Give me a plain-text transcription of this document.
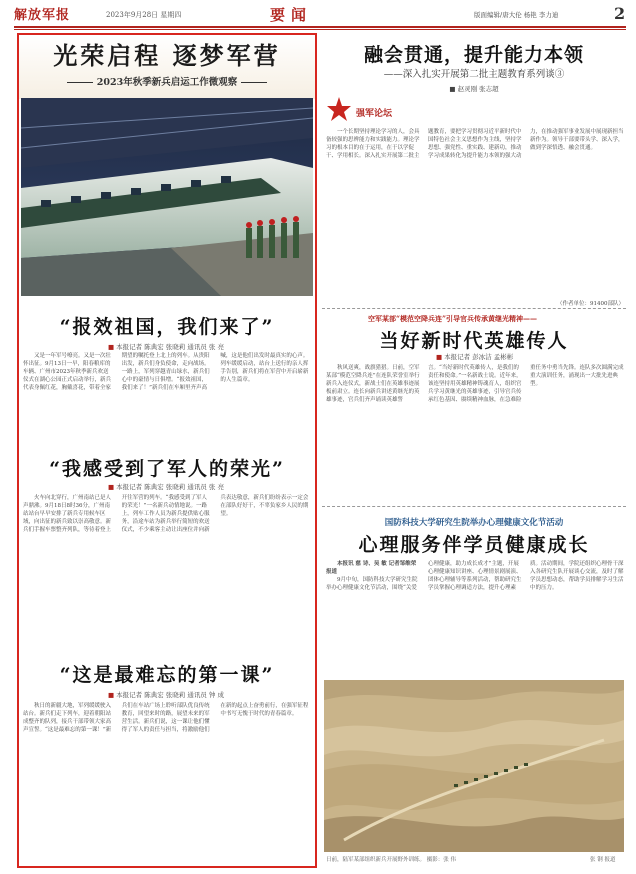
解放军报	2023年9月28日 星期四	要闻	版面编辑/唐大伦 杨艳 李力迪	2
光荣启程 逐梦军营
2023年秋季新兵启运工作微观察
“报效祖国，我们来了”
■ 本报记者 陈典宏 张晓莉 通讯员 张 亮

又是一年军号嘹亮。又是一次壮怀出征。9月13日一早，阳春粮库的车辆、广州市2023年秋季新兵欢送仪式在湖心公园正式启动举行，新兵代表身佩红花，胸戴喜花，带着全家期望的嘱托登上北上的列车。从贵阳出发，新兵们身负使命，走向战场。一路上，军列穿越青山绿水，新兵们心中的豪情与日俱增。“报效祖国，我们来了！”新兵们在车厢里齐声高喊，这是他们出发时最真实的心声。列车缓缓启动，站台上送行的亲人挥手告别，新兵们将在军营中开启崭新的人生篇章。

“我感受到了军人的荣光”
■ 本报记者 陈典宏 张晓莉 通讯员 张 亮

火车向北穿行，广州南站已是人声鼎沸。9月18日8时36分，广州南站站台早早安排了新兵专用候车区域，向出征的新兵致以崇高敬意。新兵们手握车票整齐列队，等待着登上开往军营的列车。“我感受到了军人的荣光！”一名新兵动情地说。一路上，列车工作人员为新兵提供贴心服务，沿途车站为新兵举行简短的欢送仪式，不少乘客主动让出座位并向新兵表达敬意，新兵们纷纷表示一定会在部队好好干，不辜负家乡人民的期望。

“这是最难忘的第一课”
■ 本报记者 陈典宏 张晓莉 通讯员 钟 成

秋日的新疆大地，军列缓缓驶入站台。新兵们走下列车，迎着朝阳站成整齐的队列，接兵干部带领大家高声宣誓。“这是最难忘的第一课！”新兵们在车站广场上聆听部队优良传统教育，回望来时的路，展望未来的军营生活。新兵们说，这一课让他们懂得了军人的责任与担当，将激励他们在新的起点上奋勇前行，在强军征程中书写无愧于时代的青春篇章。

融会贯通，提升能力本领
——深入扎实开展第二批主题教育系列谈③
■ 赵灵刚 张志超
强军论坛

一个长期坚持理论学习的人，会具备较强的思辨能力和实践能力。理论学习的根本目的在于运用，在于以学促干、学用相长。深入扎实开展第二批主题教育，要把学习贯彻习近平新时代中国特色社会主义思想作为主线，坚持学思想、强党性、重实践、建新功，推动学习成果转化为提升能力本领的强大动力，在推动强军事业发展中展现新担当新作为。领导干部要带头学、深入学，做到学深悟透、融会贯通。

（作者单位：91400部队）
空军某部“模范空降兵连”引导官兵传承黄继光精神——
当好新时代英雄传人
■ 本报记者 彭冰洁 孟彬彬

秋风送爽，战旗猎猎。日前，空军某部“模范空降兵连”在连队荣誉室举行新兵入连仪式，新战士们在英雄事迹展板前肃立。连长向新兵讲述黄继光的英雄事迹，官兵们齐声诵读英雄誓言。“当好新时代英雄传人，是我们的责任和使命。”一名新战士说。近年来，该连坚持用英雄精神铸魂育人，组织官兵学习黄继光的英雄事迹，引导官兵传承红色基因、赓续精神血脉，在急难险重任务中勇当先锋。连队多次圆满完成重大演训任务，涌现出一大批先进典型。

国防科技大学研究生院举办心理健康文化节活动
心理服务伴学员健康成长

本报讯 慈 诗、吴 敏 记者邹维荣报道

9月中旬，国防科技大学研究生院举办心理健康文化节活动，围绕“关爱心理健康，助力成长成才”主题，开展心理健康知识讲座、心理情景剧展演、团体心理辅导等系列活动，帮助研究生学员掌握心理调适方法，提升心理素质。活动期间，学院还组织心理骨干深入各研究生队开展谈心交流，及时了解学员思想动态，帮助学员排解学习生活中的压力。

日前，陆军某部组织新兵开展野外训练。 摄影：张 伟	张 钢 报道
